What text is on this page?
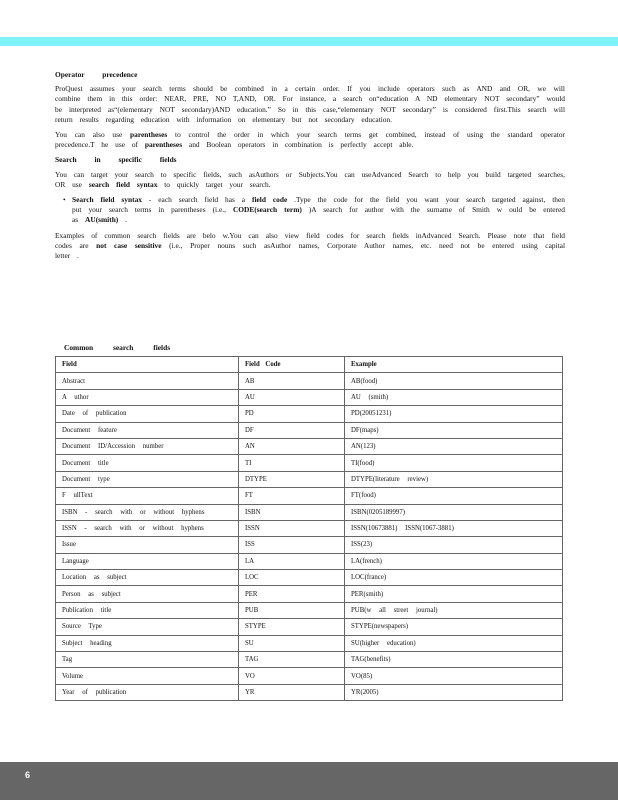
Operator precedence

ProQuest assumes your search terms should be combined in a certain order. If you include operators such as AND and OR, we will combine them in this order: NEAR, PRE, NO T,AND, OR. For instance, a search on“education A ND elementary NOT secondary” would be interpreted as“(elementary NOT secondary)AND education.” So in this case,“elementary NOT secondary” is considered first.This search will return results regarding education with information on elementary but not secondary education.

You can also use parentheses to control the order in which your search terms get combined, instead of using the standard operator precedence.T he use of parentheses and Boolean operators in combination is perfectly accept able.

Search in specific fields

You can target your search to specific fields, such asAuthors or Subjects.You can useAdvanced Search to help you build targeted searches, OR use search field syntax to quickly target your search.

• Search field syntax - each search field has a field code .Type the code for the field you want your search targeted against, then put your search terms in parentheses (i.e., CODE(search term) )A search for author with the surname of Smith w ould be entered as AU(smith) .

Examples of common search fields are belo w.You can also view field codes for search fields inAdvanced Search. Please note that field codes are not case sensitive (i.e., Proper nouns such asAuthor names, Corporate Author names, etc. need not be entered using capital letter .

Common search fields
Field	Field Code	Example
Abstract	AB	AB(food)
A uthor	AU	AU (smith)
Date of publication	PD	PD(20051231)
Document feature	DF	DF(maps)
Document ID/Accession number	AN	AN(123)
Document title	TI	TI(food)
Document type	DTYPE	DTYPE(literature review)
F ullText	FT	FT(food)
ISBN - search with or without hyphens	ISBN	ISBN(0205189997)
ISSN - search with or without hyphens	ISSN	ISSN(10673881) ISSN(1067-3881)
Issue	ISS	ISS(23)
Language	LA	LA(french)
Location as subject	LOC	LOC(france)
Person as subject	PER	PER(smith)
Publication title	PUB	PUB(w all street journal)
Source Type	STYPE	STYPE(newspapers)
Subject heading	SU	SU(higher education)
Tag	TAG	TAG(benefits)
Volume	VO	VO(85)
Year of publication	YR	YR(2005)
6
